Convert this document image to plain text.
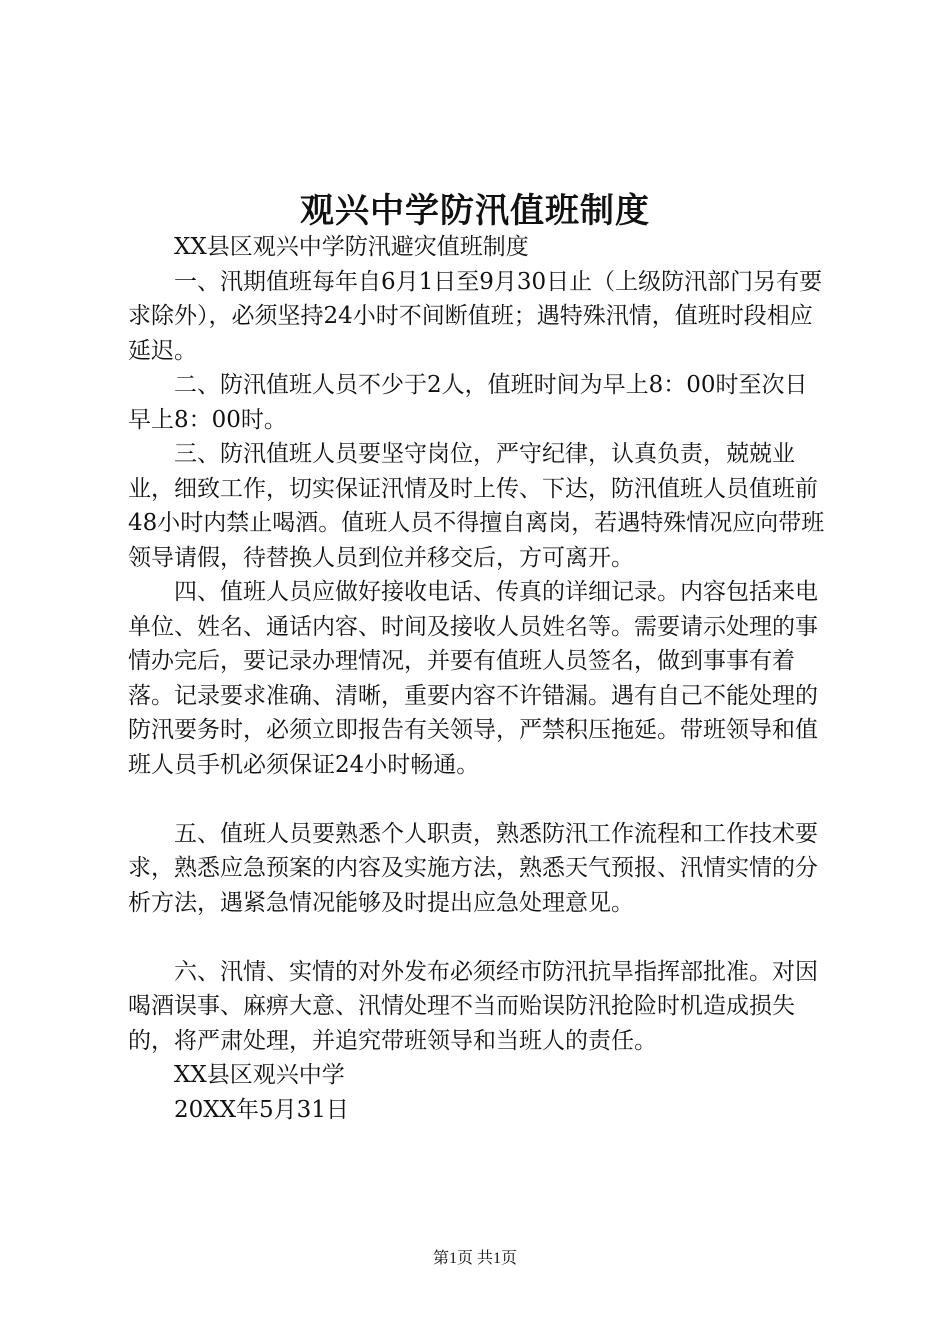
观兴中学防汛值班制度

XX县区观兴中学防汛避灾值班制度

一、汛期值班每年自6月1日至9月30日止（上级防汛部门另有要求除外），必须坚持24小时不间断值班；遇特殊汛情，值班时段相应延迟。

二、防汛值班人员不少于2人，值班时间为早上8：00时至次日早上8：00时。

三、防汛值班人员要坚守岗位，严守纪律，认真负责，兢兢业业，细致工作，切实保证汛情及时上传、下达，防汛值班人员值班前48小时内禁止喝酒。值班人员不得擅自离岗，若遇特殊情况应向带班领导请假，待替换人员到位并移交后，方可离开。

四、值班人员应做好接收电话、传真的详细记录。内容包括来电单位、姓名、通话内容、时间及接收人员姓名等。需要请示处理的事情办完后，要记录办理情况，并要有值班人员签名，做到事事有着落。记录要求准确、清晰，重要内容不许错漏。遇有自己不能处理的防汛要务时，必须立即报告有关领导，严禁积压拖延。带班领导和值班人员手机必须保证24小时畅通。

五、值班人员要熟悉个人职责，熟悉防汛工作流程和工作技术要求，熟悉应急预案的内容及实施方法，熟悉天气预报、汛情实情的分析方法，遇紧急情况能够及时提出应急处理意见。

六、汛情、实情的对外发布必须经市防汛抗旱指挥部批准。对因喝酒误事、麻痹大意、汛情处理不当而贻误防汛抢险时机造成损失的，将严肃处理，并追究带班领导和当班人的责任。

XX县区观兴中学

20XX年5月31日

第1页 共1页
